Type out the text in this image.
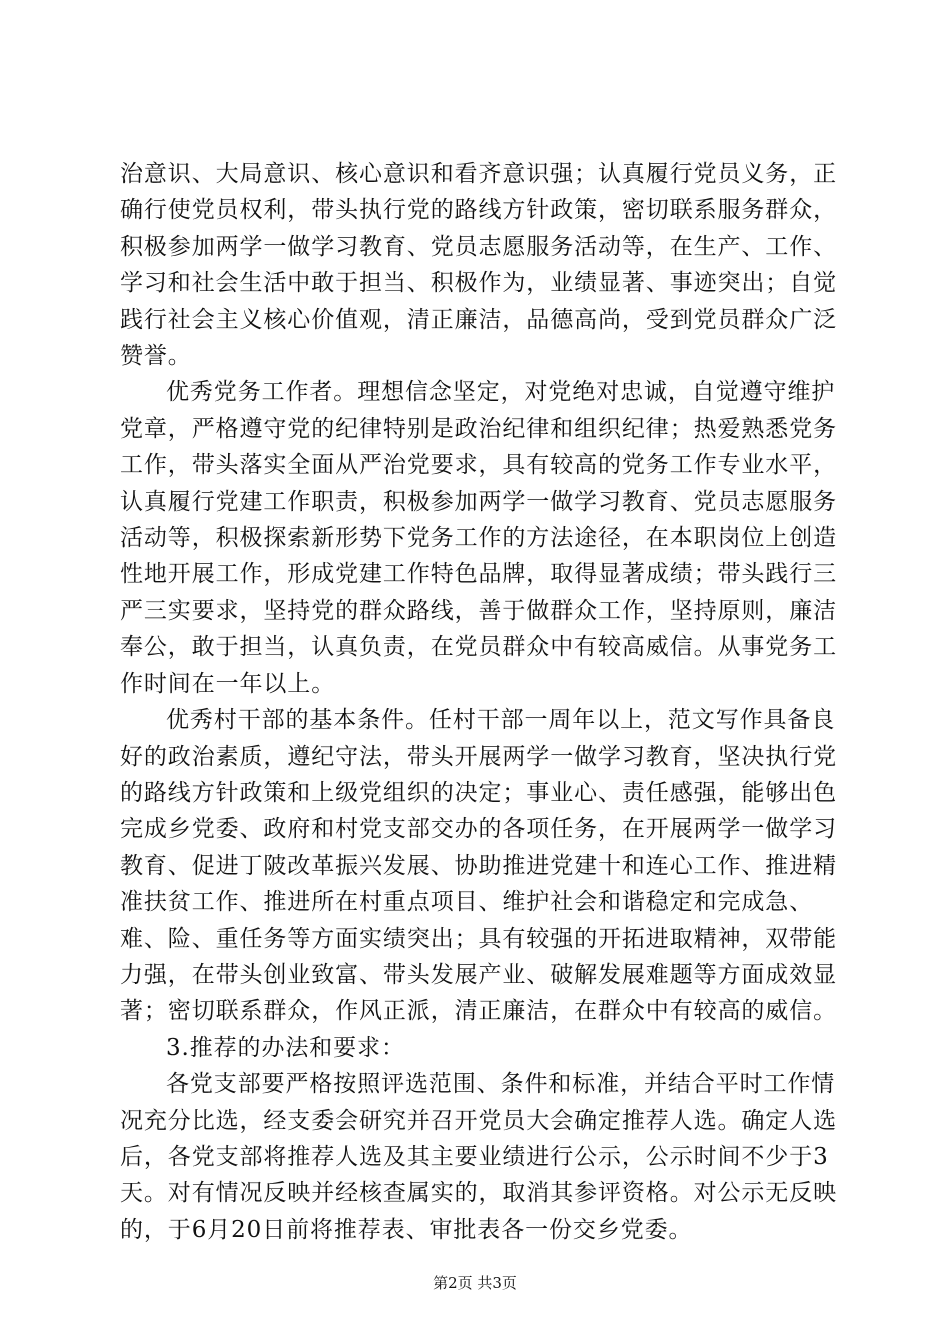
治意识、大局意识、核心意识和看齐意识强；认真履行党员义务，正确行使党员权利，带头执行党的路线方针政策，密切联系服务群众，积极参加两学一做学习教育、党员志愿服务活动等，在生产、工作、学习和社会生活中敢于担当、积极作为，业绩显著、事迹突出；自觉践行社会主义核心价值观，清正廉洁，品德高尚，受到党员群众广泛赞誉。

优秀党务工作者。理想信念坚定，对党绝对忠诚，自觉遵守维护党章，严格遵守党的纪律特别是政治纪律和组织纪律；热爱熟悉党务工作，带头落实全面从严治党要求，具有较高的党务工作专业水平，认真履行党建工作职责，积极参加两学一做学习教育、党员志愿服务活动等，积极探索新形势下党务工作的方法途径，在本职岗位上创造性地开展工作，形成党建工作特色品牌，取得显著成绩；带头践行三严三实要求，坚持党的群众路线，善于做群众工作，坚持原则，廉洁奉公，敢于担当，认真负责，在党员群众中有较高威信。从事党务工作时间在一年以上。

优秀村干部的基本条件。任村干部一周年以上，范文写作具备良好的政治素质，遵纪守法，带头开展两学一做学习教育，坚决执行党的路线方针政策和上级党组织的决定；事业心、责任感强，能够出色完成乡党委、政府和村党支部交办的各项任务，在开展两学一做学习教育、促进丁陂改革振兴发展、协助推进党建十和连心工作、推进精准扶贫工作、推进所在村重点项目、维护社会和谐稳定和完成急、难、险、重任务等方面实绩突出；具有较强的开拓进取精神，双带能力强，在带头创业致富、带头发展产业、破解发展难题等方面成效显著；密切联系群众，作风正派，清正廉洁，在群众中有较高的威信。

3.推荐的办法和要求：

各党支部要严格按照评选范围、条件和标准，并结合平时工作情况充分比选，经支委会研究并召开党员大会确定推荐人选。确定人选后，各党支部将推荐人选及其主要业绩进行公示，公示时间不少于3天。对有情况反映并经核查属实的，取消其参评资格。对公示无反映的，于6月20日前将推荐表、审批表各一份交乡党委。

第2页 共3页
